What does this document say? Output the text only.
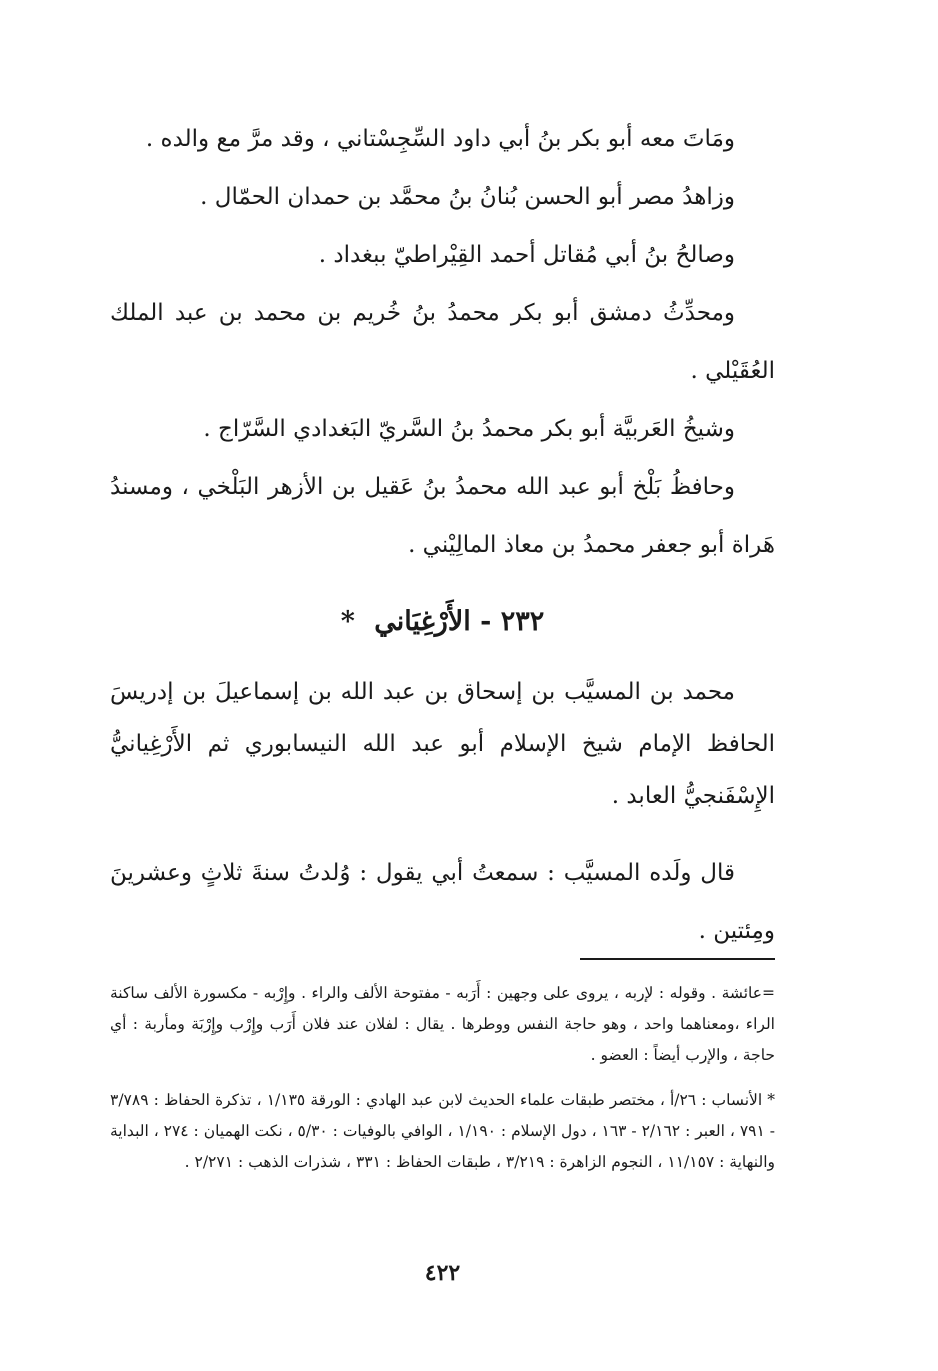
ومَاتَ معه أبو بكر بنُ أبي داود السِّجِسْتاني ، وقد مرَّ مع والده .

وزاهدُ مصر أبو الحسن بُنانُ بنُ محمَّد بن حمدان الحمّال .

وصالحُ بنُ أبي مُقاتل أحمد القِيْراطيّ ببغداد .

ومحدِّثُ دمشق أبو بكر محمدُ بنُ خُريم بن محمد بن عبد الملك العُقَيْلي .

وشيخُ العَربيَّة أبو بكر محمدُ بنُ السَّريّ البَغدادي السَّرّاج .

وحافظُ بَلْخ أبو عبد الله محمدُ بنُ عَقيل بن الأزهر البَلْخي ، ومسندُ هَراة أبو جعفر محمدُ بن معاذ المالِيْني .

٢٣٢ - الأَرْغِيَاني *

محمد بن المسيَّب بن إسحاق بن عبد الله بن إسماعيلَ بن إدريسَ الحافظ الإمام شيخ الإسلام أبو عبد الله النيسابوري ثم الأَرْغِيانيُّ الإِسْفَنجيُّ العابد .

قال ولَده المسيَّب : سمعتُ أبي يقول : وُلدتُ سنةَ ثلاثٍ وعشرينَ ومِئتين .

=عائشة . وقوله : لإربه ، يروى على وجهين : أَرَبه - مفتوحة الألف والراء . وإِرْبه - مكسورة الألف ساكنة الراء ،ومعناهما واحد ، وهو حاجة النفس ووطرها . يقال : لفلان عند فلان أَرَب وإِرْب وإِرْبَة ومأربة : أي حاجة ، والإرب أيضاً : العضو .

* الأنساب : ٢٦/أ ، مختصر طبقات علماء الحديث لابن عبد الهادي : الورقة ١/١٣٥ ، تذكرة الحفاظ : ٣/٧٨٩ - ٧٩١ ، العبر : ٢/١٦٢ - ١٦٣ ، دول الإسلام : ١/١٩٠ ، الوافي بالوفيات : ٥/٣٠ ، نكت الهميان : ٢٧٤ ، البداية والنهاية : ١١/١٥٧ ، النجوم الزاهرة : ٣/٢١٩ ، طبقات الحفاظ : ٣٣١ ، شذرات الذهب : ٢/٢٧١ .

٤٢٢
